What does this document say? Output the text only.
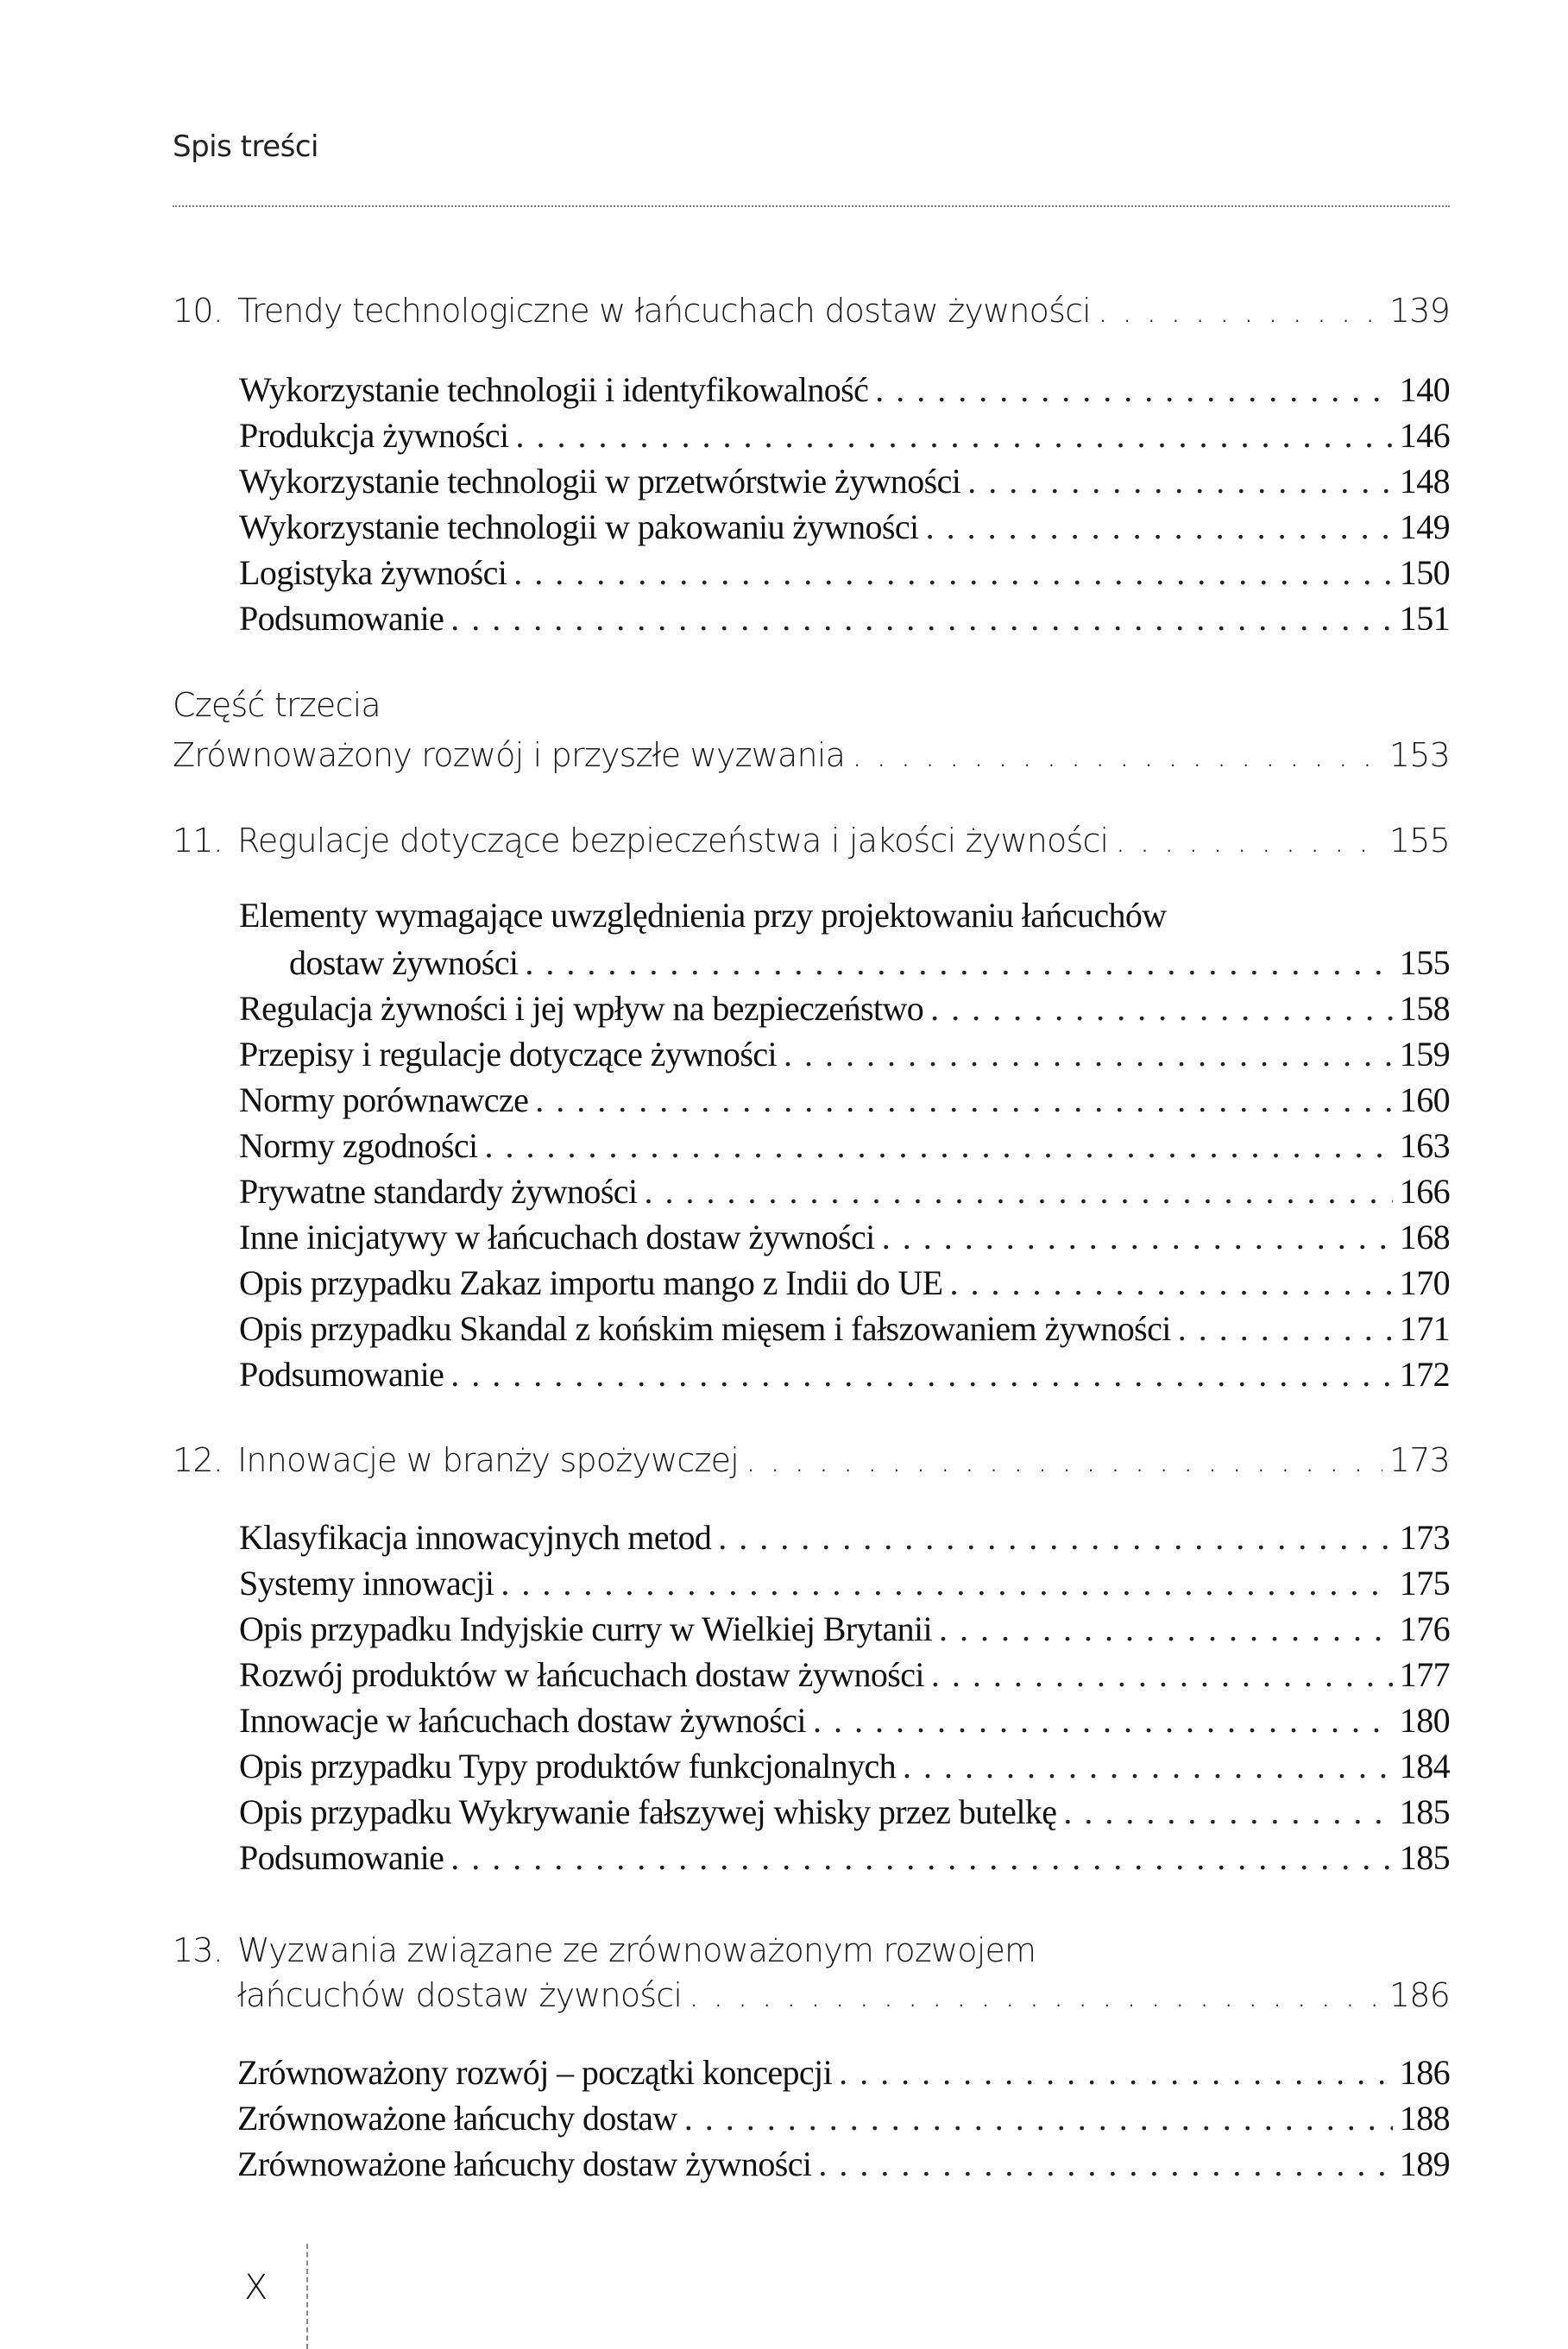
Spis treści
10. Trendy technologiczne w łańcuchach dostaw żywności . . .	139
Wykorzystanie technologii i identyfikowalność . . .	140
Produkcja żywności . . .	146
Wykorzystanie technologii w przetwórstwie żywności . . .	148
Wykorzystanie technologii w pakowaniu żywności . . .	149
Logistyka żywności . . .	150
Podsumowanie . . .	151
Część trzecia
Zrównoważony rozwój i przyszłe wyzwania . . .	153
11. Regulacje dotyczące bezpieczeństwa i jakości żywności . . .	155
Elementy wymagające uwzględnienia przy projektowaniu łańcuchów
dostaw żywności . . .	155
Regulacja żywności i jej wpływ na bezpieczeństwo . . .	158
Przepisy i regulacje dotyczące żywności . . .	159
Normy porównawcze . . .	160
Normy zgodności . . .	163
Prywatne standardy żywności . . .	166
Inne inicjatywy w łańcuchach dostaw żywności . . .	168
Opis przypadku Zakaz importu mango z Indii do UE . . .	170
Opis przypadku Skandal z końskim mięsem i fałszowaniem żywności . . .	171
Podsumowanie . . .	172
12. Innowacje w branży spożywczej . . .	173
Klasyfikacja innowacyjnych metod . . .	173
Systemy innowacji . . .	175
Opis przypadku Indyjskie curry w Wielkiej Brytanii . . .	176
Rozwój produktów w łańcuchach dostaw żywności . . .	177
Innowacje w łańcuchach dostaw żywności . . .	180
Opis przypadku Typy produktów funkcjonalnych . . .	184
Opis przypadku Wykrywanie fałszywej whisky przez butelkę . . .	185
Podsumowanie . . .	185
13. Wyzwania związane ze zrównoważonym rozwojem
łańcuchów dostaw żywności . . .	186
Zrównoważony rozwój – początki koncepcji . . .	186
Zrównoważone łańcuchy dostaw . . .	188
Zrównoważone łańcuchy dostaw żywności . . .	189
X
